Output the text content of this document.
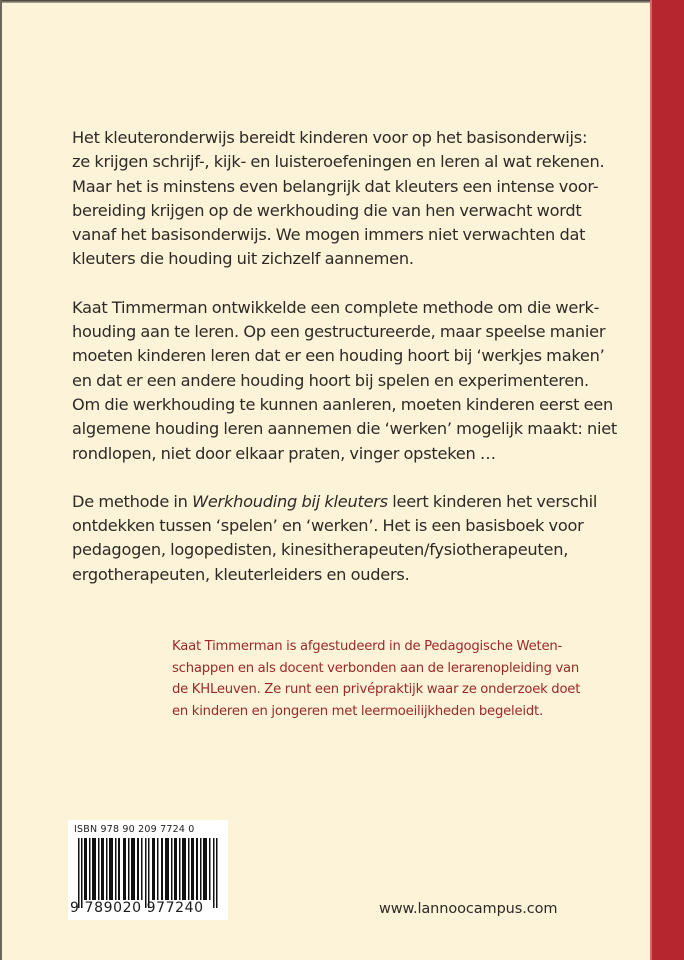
Het kleuteronderwijs bereidt kinderen voor op het basisonderwijs:
ze krijgen schrijf-, kijk- en luisteroefeningen en leren al wat rekenen.
Maar het is minstens even belangrijk dat kleuters een intense voor-
bereiding krijgen op de werkhouding die van hen verwacht wordt
vanaf het basisonderwijs. We mogen immers niet verwachten dat
kleuters die houding uit zichzelf aannemen.

Kaat Timmerman ontwikkelde een complete methode om die werk-
houding aan te leren. Op een gestructureerde, maar speelse manier
moeten kinderen leren dat er een houding hoort bij ‘werkjes maken’
en dat er een andere houding hoort bij spelen en experimenteren.
Om die werkhouding te kunnen aanleren, moeten kinderen eerst een
algemene houding leren aannemen die ‘werken’ mogelijk maakt: niet
rondlopen, niet door elkaar praten, vinger opsteken …

De methode in Werkhouding bij kleuters leert kinderen het verschil
ontdekken tussen ‘spelen’ en ‘werken’. Het is een basisboek voor
pedagogen, logopedisten, kinesitherapeuten/fysiotherapeuten,
ergotherapeuten, kleuterleiders en ouders.

Kaat Timmerman is afgestudeerd in de Pedagogische Weten-
schappen en als docent verbonden aan de lerarenopleiding van
de KHLeuven. Ze runt een privépraktijk waar ze onderzoek doet
en kinderen en jongeren met leermoeilijkheden begeleidt.
ISBN 978 90 209 7724 0
9 789020 977240	www.lannoocampus.com
